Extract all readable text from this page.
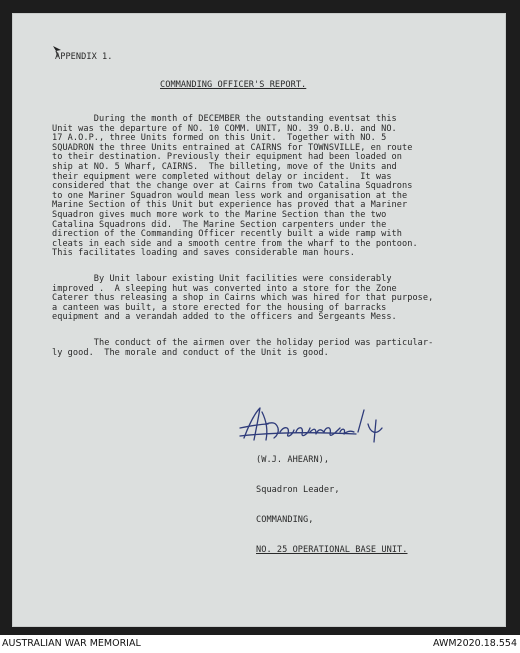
APPENDIX 1.
COMMANDING OFFICER'S REPORT.
During the month of DECEMBER the outstanding eventsat this
Unit was the departure of NO. 10 COMM. UNIT, NO. 39 O.B.U. and NO.
17 A.O.P., three Units formed on this Unit.  Together with NO. 5
SQUADRON the three Units entrained at CAIRNS for TOWNSVILLE, en route
to their destination. Previously their equipment had been loaded on
ship at NO. 5 Wharf, CAIRNS.  The billeting, move of the Units and
their equipment were completed without delay or incident.  It was
considered that the change over at Cairns from two Catalina Squadrons
to one Mariner Squadron would mean less work and organisation at the
Marine Section of this Unit but experience has proved that a Mariner
Squadron gives much more work to the Marine Section than the two
Catalina Squadrons did.  The Marine Section carpenters under the
direction of the Commanding Officer recently built a wide ramp with
cleats in each side and a smooth centre from the wharf to the pontoon.
This facilitates loading and saves considerable man hours.
By Unit labour existing Unit facilities were considerably
improved .  A sleeping hut was converted into a store for the Zone
Caterer thus releasing a shop in Cairns which was hired for that purpose,
a canteen was built, a store erected for the housing of barracks
equipment and a verandah added to the officers and Sergeants Mess.
The conduct of the airmen over the holiday period was particular-
ly good.  The morale and conduct of the Unit is good.

(W.J. AHEARN),

Squadron Leader,

COMMANDING,

NO. 25 OPERATIONAL BASE UNIT.

AUSTRALIAN WAR MEMORIAL	AWM2020.18.554
